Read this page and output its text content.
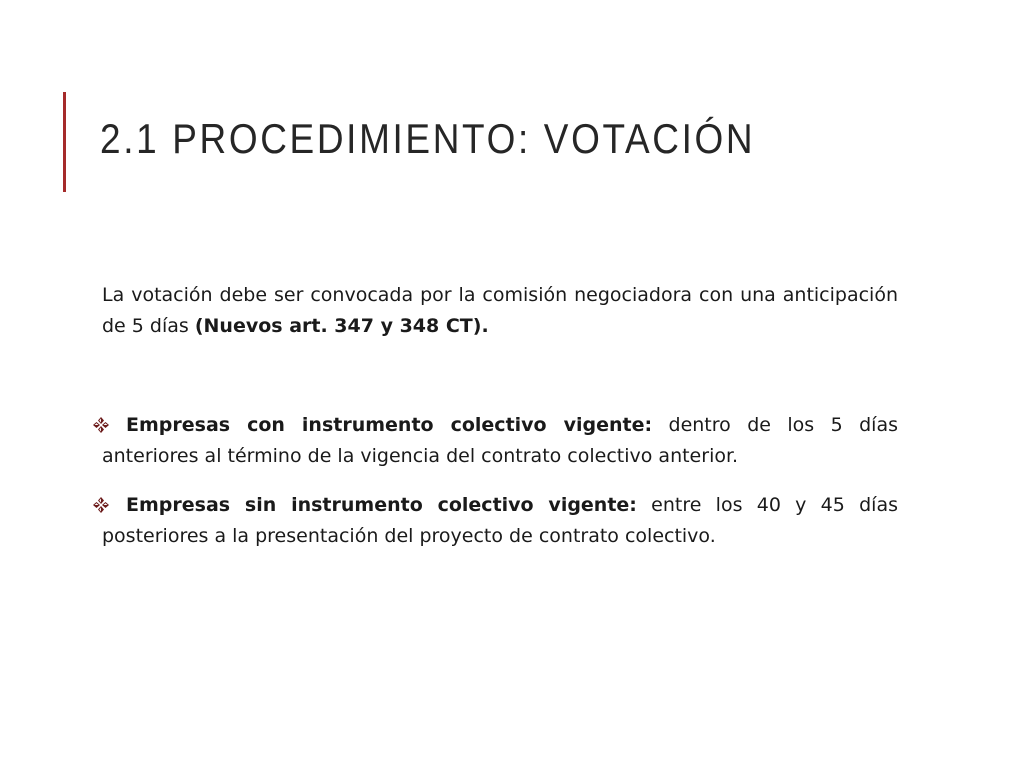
2.1 PROCEDIMIENTO: VOTACIÓN

La votación debe ser convocada por la comisión negociadora con una anticipación de 5 días (Nuevos art. 347 y 348 CT).

Empresas con instrumento colectivo vigente: dentro de los 5 días anteriores al término de la vigencia del contrato colectivo anterior.
Empresas sin instrumento colectivo vigente: entre los 40 y 45 días posteriores a la presentación del proyecto de contrato colectivo.
